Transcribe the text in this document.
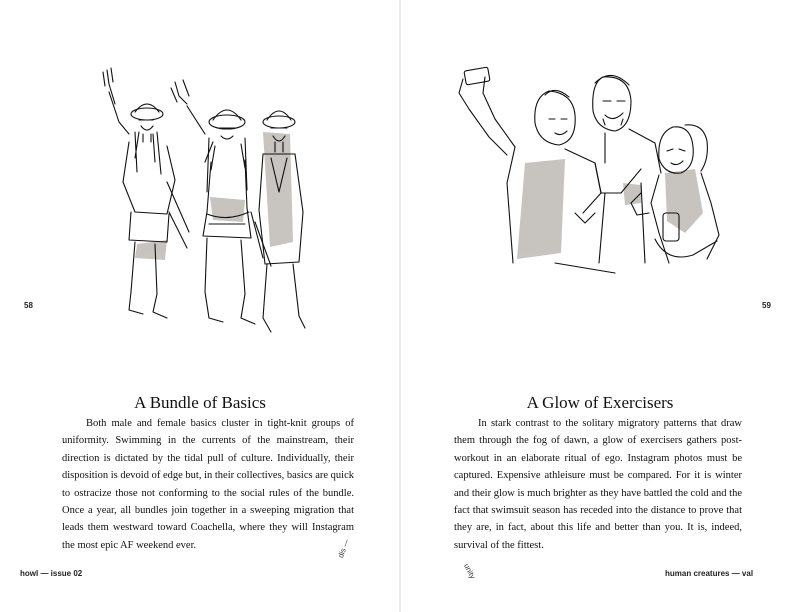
58
A Bundle of Basics

Both male and female basics cluster in tight-knit groups of uniformity. Swimming in the currents of the mainstream, their direction is dictated by the tidal pull of culture. Individually, their disposition is devoid of edge but, in their collectives, basics are quick to ostracize those not conforming to the social rules of the bundle. Once a year, all bundles join together in a sweeping migration that leads them westward toward Coachella, where they will Instagram the most epic AF weekend ever.

howl — issue 02
dis —
59
A Glow of Exercisers

In stark contrast to the solitary migratory patterns that draw them through the fog of dawn, a glow of exercisers gathers post-workout in an elaborate ritual of ego. Instagram photos must be captured. Expensive athleisure must be compared. For it is winter and their glow is much brighter as they have battled the cold and the fact that swimsuit season has receded into the distance to prove that they are, in fact, about this life and better than you. It is, indeed, survival of the fittest.

human creatures — val
unity
